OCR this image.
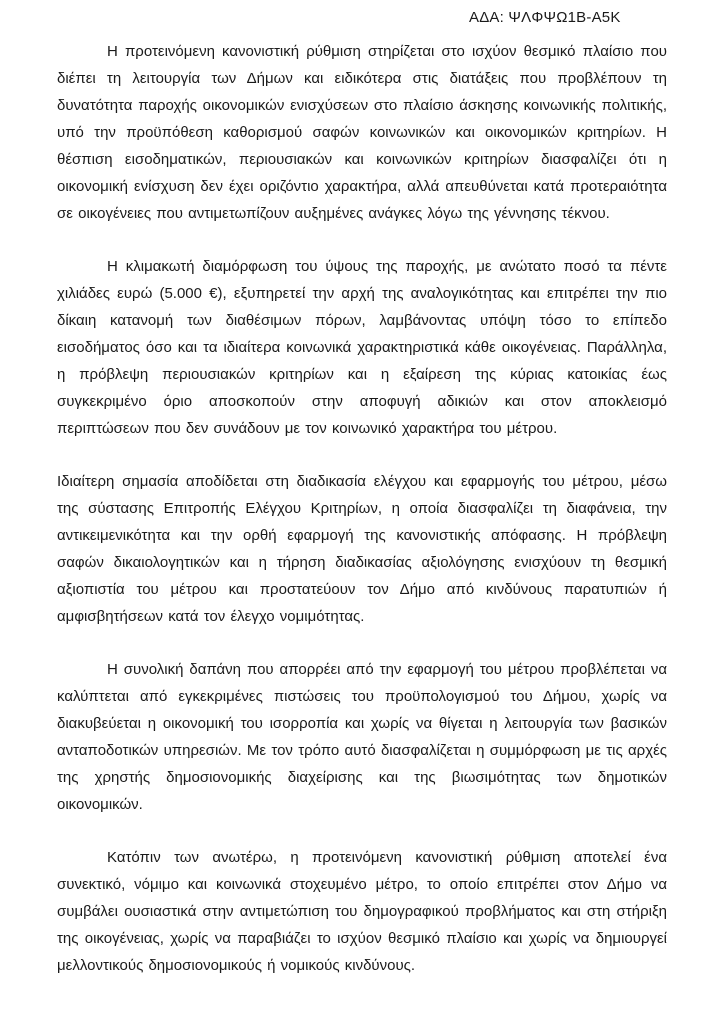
ΑΔΑ: ΨΛΦΨΩ1Β-Α5Κ

Η προτεινόμενη κανονιστική ρύθμιση στηρίζεται στο ισχύον θεσμικό πλαίσιο που διέπει τη λειτουργία των Δήμων και ειδικότερα στις διατάξεις που προβλέπουν τη δυνατότητα παροχής οικονομικών ενισχύσεων στο πλαίσιο άσκησης κοινωνικής πολιτικής, υπό την προϋπόθεση καθορισμού σαφών κοινωνικών και οικονομικών κριτηρίων. Η θέσπιση εισοδηματικών, περιουσιακών και κοινωνικών κριτηρίων διασφαλίζει ότι η οικονομική ενίσχυση δεν έχει οριζόντιο χαρακτήρα, αλλά απευθύνεται κατά προτεραιότητα σε οικογένειες που αντιμετωπίζουν αυξημένες ανάγκες λόγω της γέννησης τέκνου.

Η κλιμακωτή διαμόρφωση του ύψους της παροχής, με ανώτατο ποσό τα πέντε χιλιάδες ευρώ (5.000 €), εξυπηρετεί την αρχή της αναλογικότητας και επιτρέπει την πιο δίκαιη κατανομή των διαθέσιμων πόρων, λαμβάνοντας υπόψη τόσο το επίπεδο εισοδήματος όσο και τα ιδιαίτερα κοινωνικά χαρακτηριστικά κάθε οικογένειας. Παράλληλα, η πρόβλεψη περιουσιακών κριτηρίων και η εξαίρεση της κύριας κατοικίας έως συγκεκριμένο όριο αποσκοπούν στην αποφυγή αδικιών και στον αποκλεισμό περιπτώσεων που δεν συνάδουν με τον κοινωνικό χαρακτήρα του μέτρου.

Ιδιαίτερη σημασία αποδίδεται στη διαδικασία ελέγχου και εφαρμογής του μέτρου, μέσω της σύστασης Επιτροπής Ελέγχου Κριτηρίων, η οποία διασφαλίζει τη διαφάνεια, την αντικειμενικότητα και την ορθή εφαρμογή της κανονιστικής απόφασης. Η πρόβλεψη σαφών δικαιολογητικών και η τήρηση διαδικασίας αξιολόγησης ενισχύουν τη θεσμική αξιοπιστία του μέτρου και προστατεύουν τον Δήμο από κινδύνους παρατυπιών ή αμφισβητήσεων κατά τον έλεγχο νομιμότητας.

Η συνολική δαπάνη που απορρέει από την εφαρμογή του μέτρου προβλέπεται να καλύπτεται από εγκεκριμένες πιστώσεις του προϋπολογισμού του Δήμου, χωρίς να διακυβεύεται η οικονομική του ισορροπία και χωρίς να θίγεται η λειτουργία των βασικών ανταποδοτικών υπηρεσιών. Με τον τρόπο αυτό διασφαλίζεται η συμμόρφωση με τις αρχές της χρηστής δημοσιονομικής διαχείρισης και της βιωσιμότητας των δημοτικών οικονομικών.

Κατόπιν των ανωτέρω, η προτεινόμενη κανονιστική ρύθμιση αποτελεί ένα συνεκτικό, νόμιμο και κοινωνικά στοχευμένο μέτρο, το οποίο επιτρέπει στον Δήμο να συμβάλει ουσιαστικά στην αντιμετώπιση του δημογραφικού προβλήματος και στη στήριξη της οικογένειας, χωρίς να παραβιάζει το ισχύον θεσμικό πλαίσιο και χωρίς να δημιουργεί μελλοντικούς δημοσιονομικούς ή νομικούς κινδύνους.
